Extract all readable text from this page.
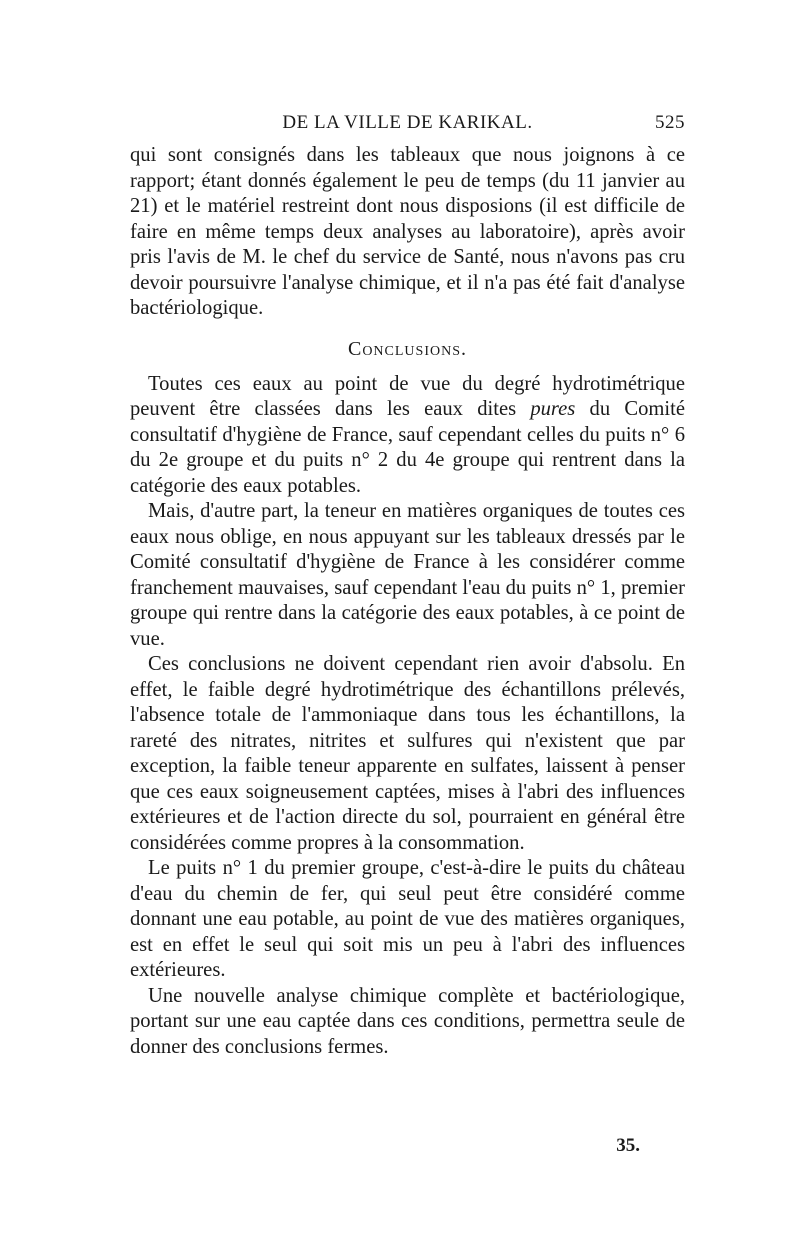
DE LA VILLE DE KARIKAL.	525

qui sont consignés dans les tableaux que nous joignons à ce rapport; étant donnés également le peu de temps (du 11 janvier au 21) et le matériel restreint dont nous disposions (il est difficile de faire en même temps deux analyses au laboratoire), après avoir pris l'avis de M. le chef du service de Santé, nous n'avons pas cru devoir poursuivre l'analyse chimique, et il n'a pas été fait d'analyse bactériologique.

Conclusions.

Toutes ces eaux au point de vue du degré hydrotimétrique peuvent être classées dans les eaux dites pures du Comité consultatif d'hygiène de France, sauf cependant celles du puits n° 6 du 2e groupe et du puits n° 2 du 4e groupe qui rentrent dans la catégorie des eaux potables.

Mais, d'autre part, la teneur en matières organiques de toutes ces eaux nous oblige, en nous appuyant sur les tableaux dressés par le Comité consultatif d'hygiène de France à les considérer comme franchement mauvaises, sauf cependant l'eau du puits n° 1, premier groupe qui rentre dans la catégorie des eaux potables, à ce point de vue.

Ces conclusions ne doivent cependant rien avoir d'absolu. En effet, le faible degré hydrotimétrique des échantillons prélevés, l'absence totale de l'ammoniaque dans tous les échantillons, la rareté des nitrates, nitrites et sulfures qui n'existent que par exception, la faible teneur apparente en sulfates, laissent à penser que ces eaux soigneusement captées, mises à l'abri des influences extérieures et de l'action directe du sol, pourraient en général être considérées comme propres à la consommation.

Le puits n° 1 du premier groupe, c'est-à-dire le puits du château d'eau du chemin de fer, qui seul peut être considéré comme donnant une eau potable, au point de vue des matières organiques, est en effet le seul qui soit mis un peu à l'abri des influences extérieures.

Une nouvelle analyse chimique complète et bactériologique, portant sur une eau captée dans ces conditions, permettra seule de donner des conclusions fermes.

35.
